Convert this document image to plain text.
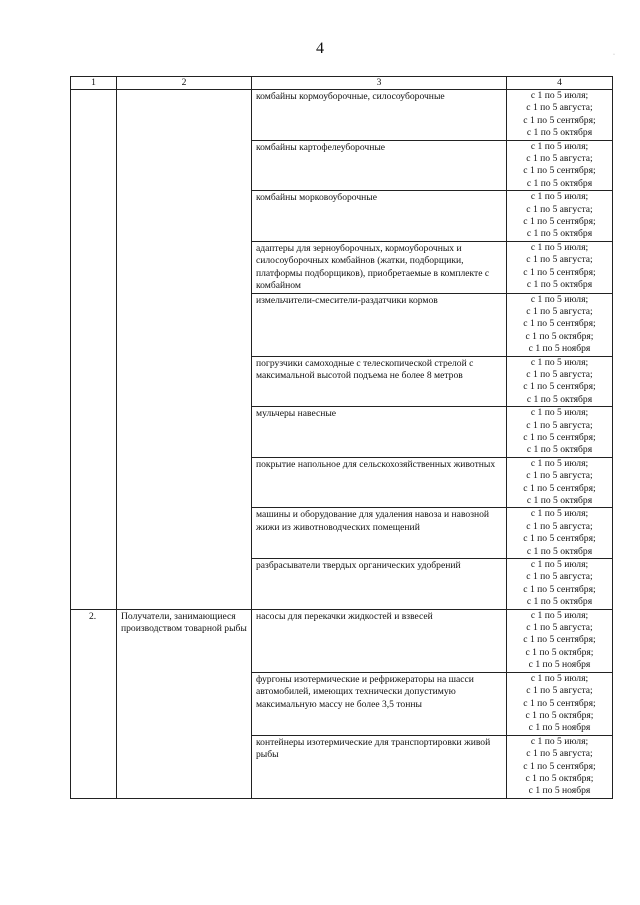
4	·
1	2	3	4
		комбайны кормоуборочные, силосоуборочные	с 1 по 5 июля;
с 1 по 5 августа;
с 1 по 5 сентября;
с 1 по 5 октября

		комбайны картофелеуборочные	с 1 по 5 июля;
с 1 по 5 августа;
с 1 по 5 сентября;
с 1 по 5 октября

		комбайны морковоуборочные	с 1 по 5 июля;
с 1 по 5 августа;
с 1 по 5 сентября;
с 1 по 5 октября

		адаптеры для зерноуборочных, кормоуборочных и силосоуборочных комбайнов (жатки, подборщики, платформы подборщиков), приобретаемые в комплекте с комбайном	с 1 по 5 июля;
с 1 по 5 августа;
с 1 по 5 сентября;
с 1 по 5 октября

		измельчители-смесители-раздатчики кормов	с 1 по 5 июля;
с 1 по 5 августа;
с 1 по 5 сентября;
с 1 по 5 октября;
с 1 по 5 ноября

		погрузчики самоходные с телескопической стрелой с максимальной высотой подъема не более 8 метров	с 1 по 5 июля;
с 1 по 5 августа;
с 1 по 5 сентября;
с 1 по 5 октября

		мульчеры навесные	с 1 по 5 июля;
с 1 по 5 августа;
с 1 по 5 сентября;
с 1 по 5 октября

		покрытие напольное для сельскохозяйственных животных	с 1 по 5 июля;
с 1 по 5 августа;
с 1 по 5 сентября;
с 1 по 5 октября

		машины и оборудование для удаления навоза и навозной жижи из животноводческих помещений	с 1 по 5 июля;
с 1 по 5 августа;
с 1 по 5 сентября;
с 1 по 5 октября

		разбрасыватели твердых органических удобрений	с 1 по 5 июля;
с 1 по 5 августа;
с 1 по 5 сентября;
с 1 по 5 октября

2.	Получатели, занимающиеся производством товарной рыбы	насосы для перекачки жидкостей и взвесей	с 1 по 5 июля;
с 1 по 5 августа;
с 1 по 5 сентября;
с 1 по 5 октября;
с 1 по 5 ноября

		фургоны изотермические и рефрижераторы на шасси автомобилей, имеющих технически допустимую максимальную массу не более 3,5 тонны	с 1 по 5 июля;
с 1 по 5 августа;
с 1 по 5 сентября;
с 1 по 5 октября;
с 1 по 5 ноября

		контейнеры изотермические для транспортировки живой рыбы	с 1 по 5 июля;
с 1 по 5 августа;
с 1 по 5 сентября;
с 1 по 5 октября;
с 1 по 5 ноября
